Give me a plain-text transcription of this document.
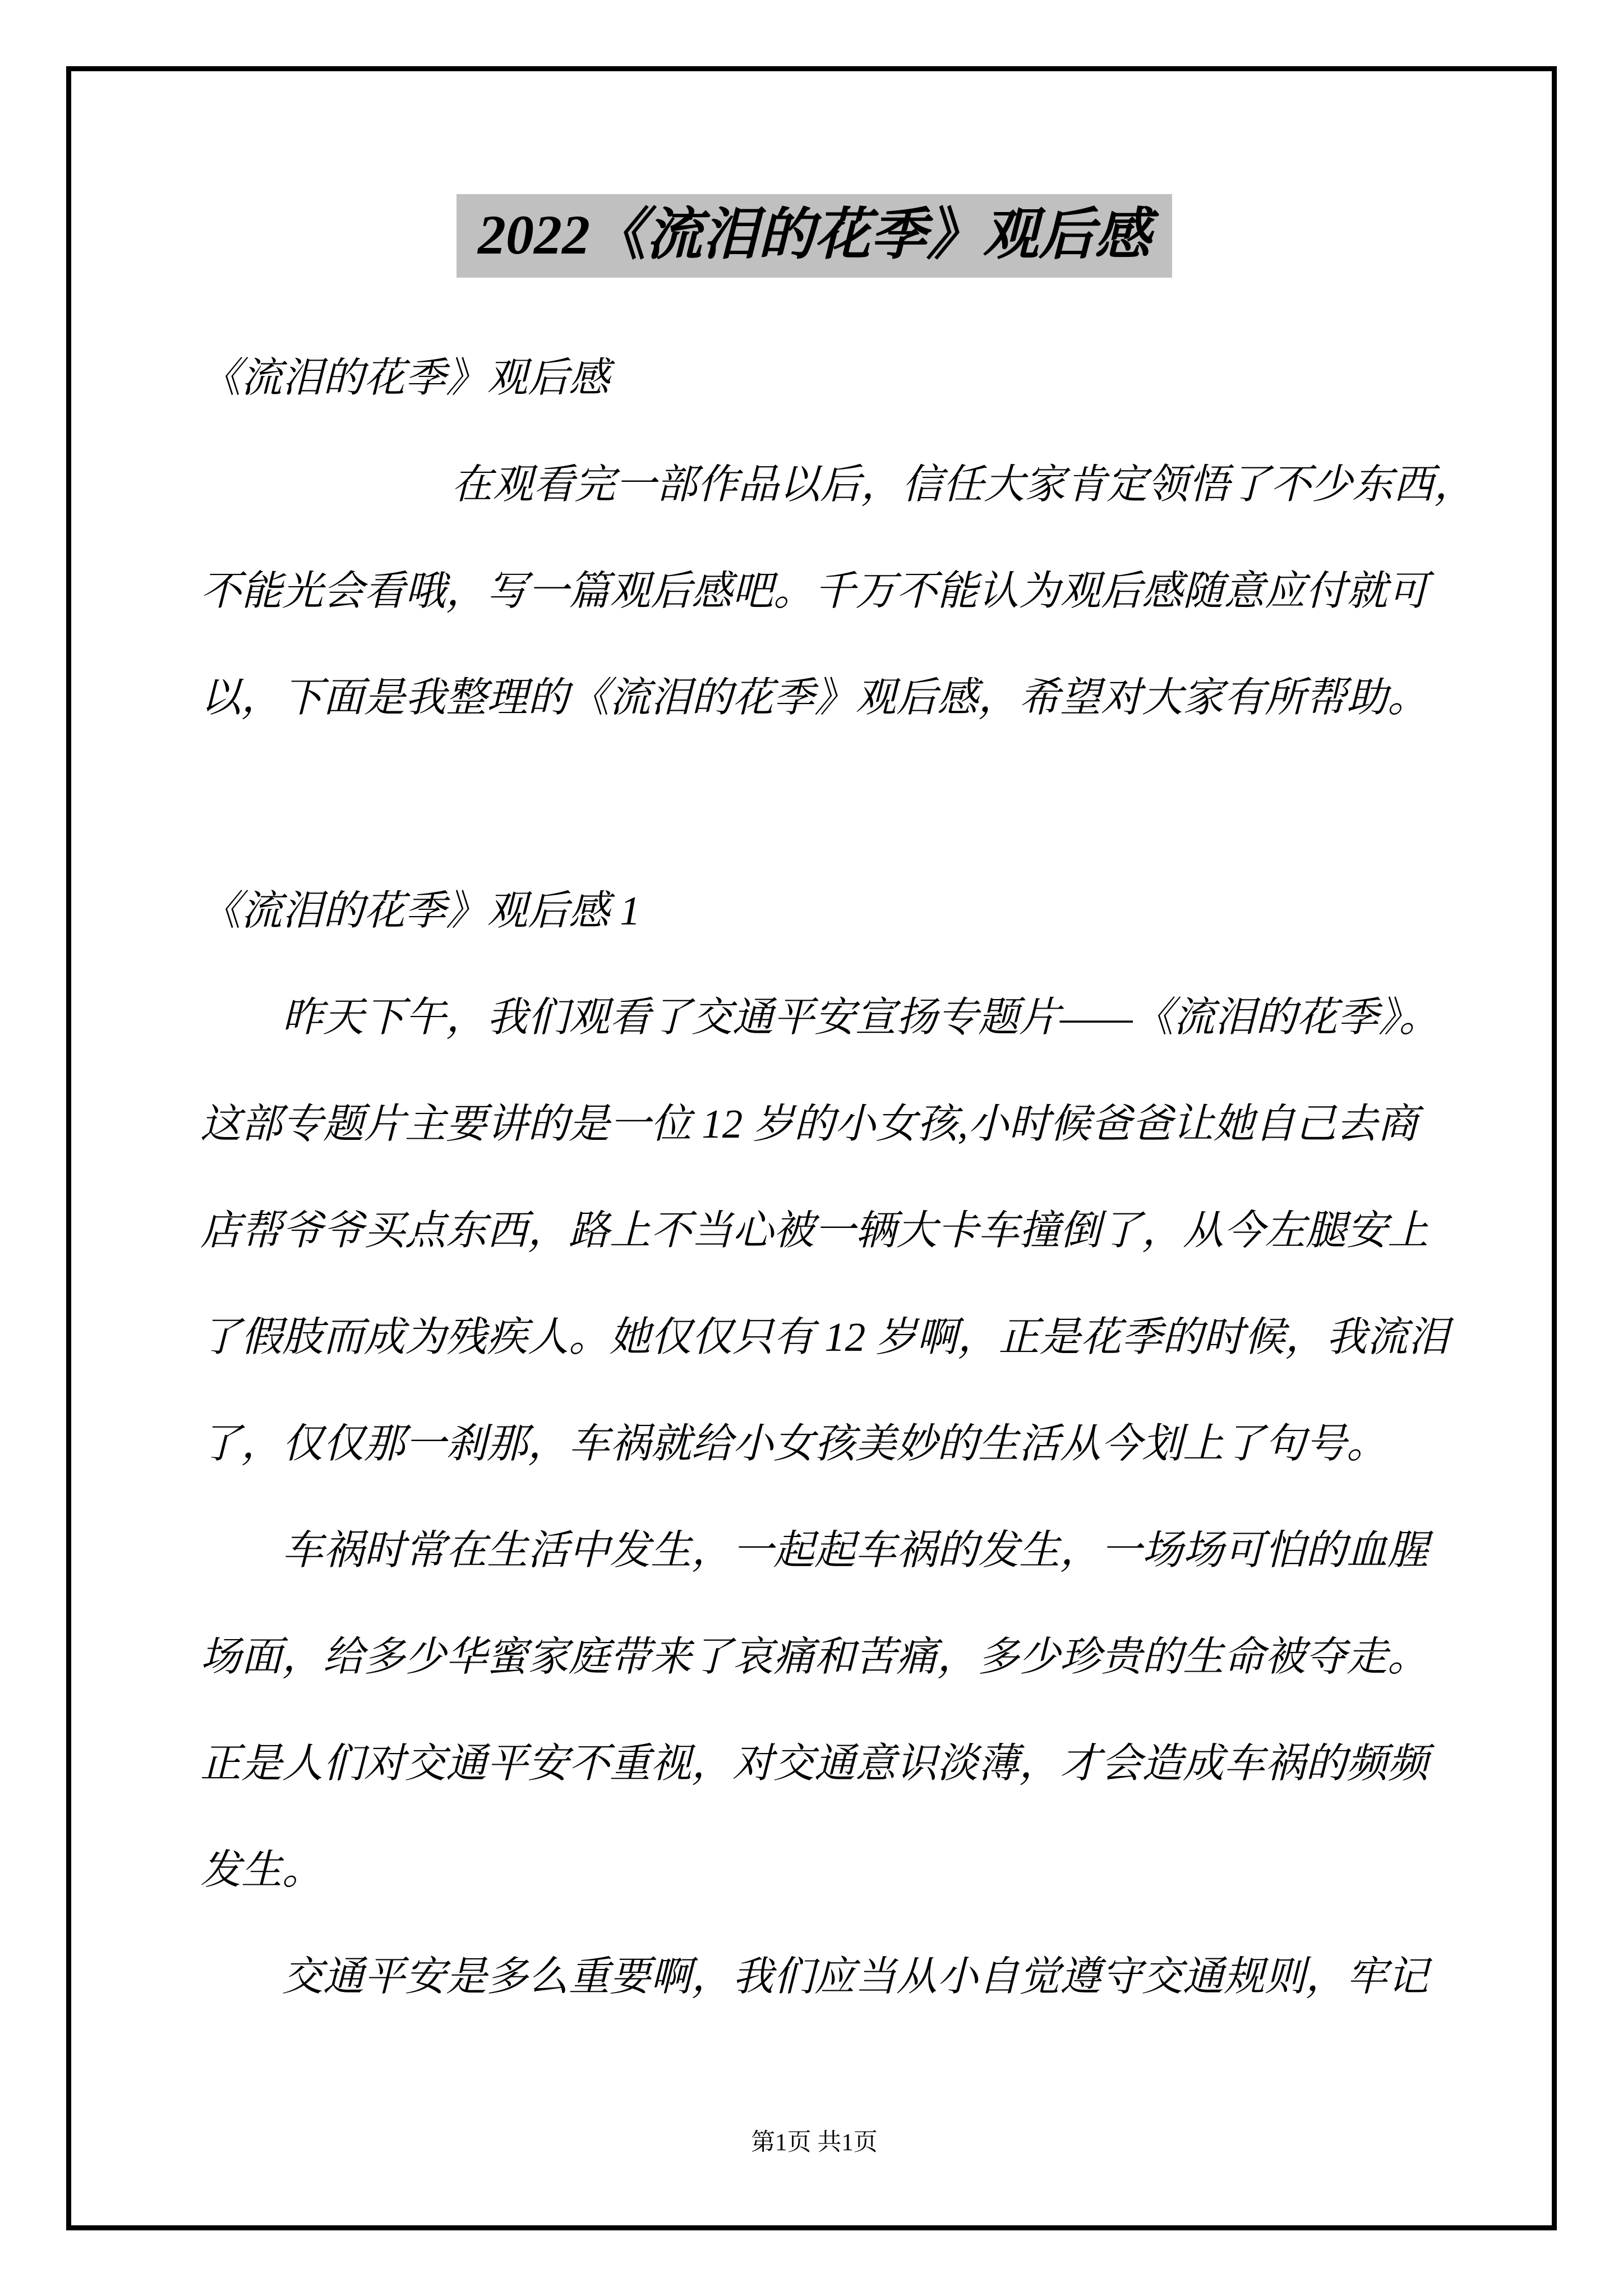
2022《流泪的花季》观后感
《流泪的花季》观后感
在观看完一部作品以后，信任大家肯定领悟了不少东西，
不能光会看哦，写一篇观后感吧。千万不能认为观后感随意应付就可
以，下面是我整理的《流泪的花季》观后感，希望对大家有所帮助。
《流泪的花季》观后感 1
昨天下午，我们观看了交通平安宣扬专题片——《流泪的花季》。
这部专题片主要讲的是一位 12 岁的小女孩,小时候爸爸让她自己去商
店帮爷爷买点东西，路上不当心被一辆大卡车撞倒了，从今左腿安上
了假肢而成为残疾人。她仅仅只有 12 岁啊，正是花季的时候，我流泪
了，仅仅那一刹那，车祸就给小女孩美妙的生活从今划上了句号。
车祸时常在生活中发生，一起起车祸的发生，一场场可怕的血腥
场面，给多少华蜜家庭带来了哀痛和苦痛，多少珍贵的生命被夺走。
正是人们对交通平安不重视，对交通意识淡薄，才会造成车祸的频频
发生。
交通平安是多么重要啊，我们应当从小自觉遵守交通规则，牢记
第1页 共1页
